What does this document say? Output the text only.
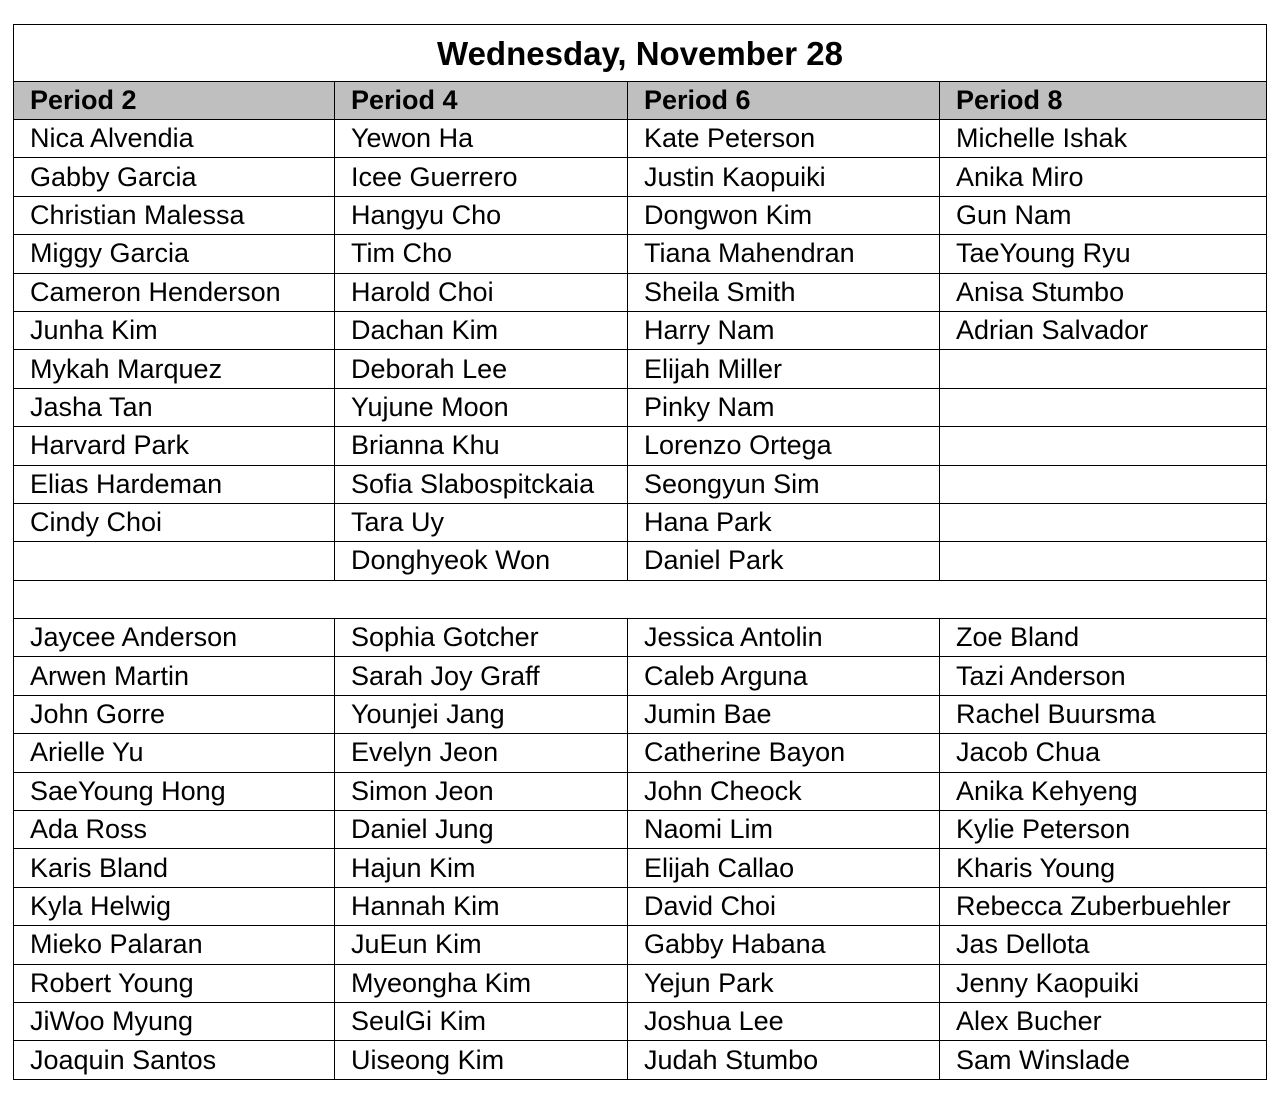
Wednesday, November 28			
Period 2	Period 4	Period 6	Period 8
Nica Alvendia	Yewon Ha	Kate Peterson	Michelle Ishak
Gabby Garcia	Icee Guerrero	Justin Kaopuiki	Anika Miro
Christian Malessa	Hangyu Cho	Dongwon Kim	Gun Nam
Miggy Garcia	Tim Cho	Tiana Mahendran	TaeYoung Ryu
Cameron Henderson	Harold Choi	Sheila Smith	Anisa Stumbo
Junha Kim	Dachan Kim	Harry Nam	Adrian Salvador
Mykah Marquez	Deborah Lee	Elijah Miller	
Jasha Tan	Yujune Moon	Pinky Nam	
Harvard Park	Brianna Khu	Lorenzo Ortega	
Elias Hardeman	Sofia Slabospitckaia	Seongyun Sim	
Cindy Choi	Tara Uy	Hana Park	
	Donghyeok Won	Daniel Park	

Jaycee Anderson	Sophia Gotcher	Jessica Antolin	Zoe Bland
Arwen Martin	Sarah Joy Graff	Caleb Arguna	Tazi Anderson
John Gorre	Younjei Jang	Jumin Bae	Rachel Buursma
Arielle Yu	Evelyn Jeon	Catherine Bayon	Jacob Chua
SaeYoung Hong	Simon Jeon	John Cheock	Anika Kehyeng
Ada Ross	Daniel Jung	Naomi Lim	Kylie Peterson
Karis Bland	Hajun Kim	Elijah Callao	Kharis Young
Kyla Helwig	Hannah Kim	David Choi	Rebecca Zuberbuehler
Mieko Palaran	JuEun Kim	Gabby Habana	Jas Dellota
Robert Young	Myeongha Kim	Yejun Park	Jenny Kaopuiki
JiWoo Myung	SeulGi Kim	Joshua Lee	Alex Bucher
Joaquin Santos	Uiseong Kim	Judah Stumbo	Sam Winslade
